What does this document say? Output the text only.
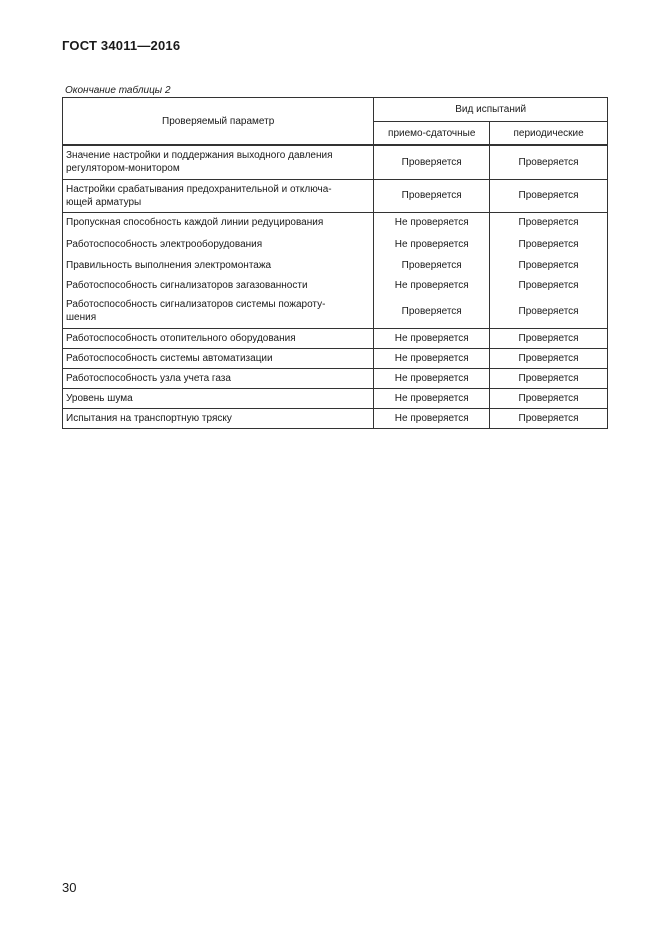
ГОСТ 34011—2016
Окончание таблицы 2
Проверяемый параметр	Вид испытаний	
	приемо-сдаточные	периодические
Значение настройки и поддержания выходного давления
регулятором-монитором	Проверяется	Проверяется
Настройки срабатывания предохранительной и отключа-
ющей арматуры	Проверяется	Проверяется
Пропускная способность каждой линии редуцирования	Не проверяется	Проверяется
Работоспособность электрооборудования	Не проверяется	Проверяется
Правильность выполнения электромонтажа	Проверяется	Проверяется
Работоспособность сигнализаторов загазованности	Не проверяется	Проверяется
Работоспособность сигнализаторов системы пожароту-
шения	Проверяется	Проверяется
Работоспособность отопительного оборудования	Не проверяется	Проверяется
Работоспособность системы автоматизации	Не проверяется	Проверяется
Работоспособность узла учета газа	Не проверяется	Проверяется
Уровень шума	Не проверяется	Проверяется
Испытания на транспортную тряску	Не проверяется	Проверяется
30
